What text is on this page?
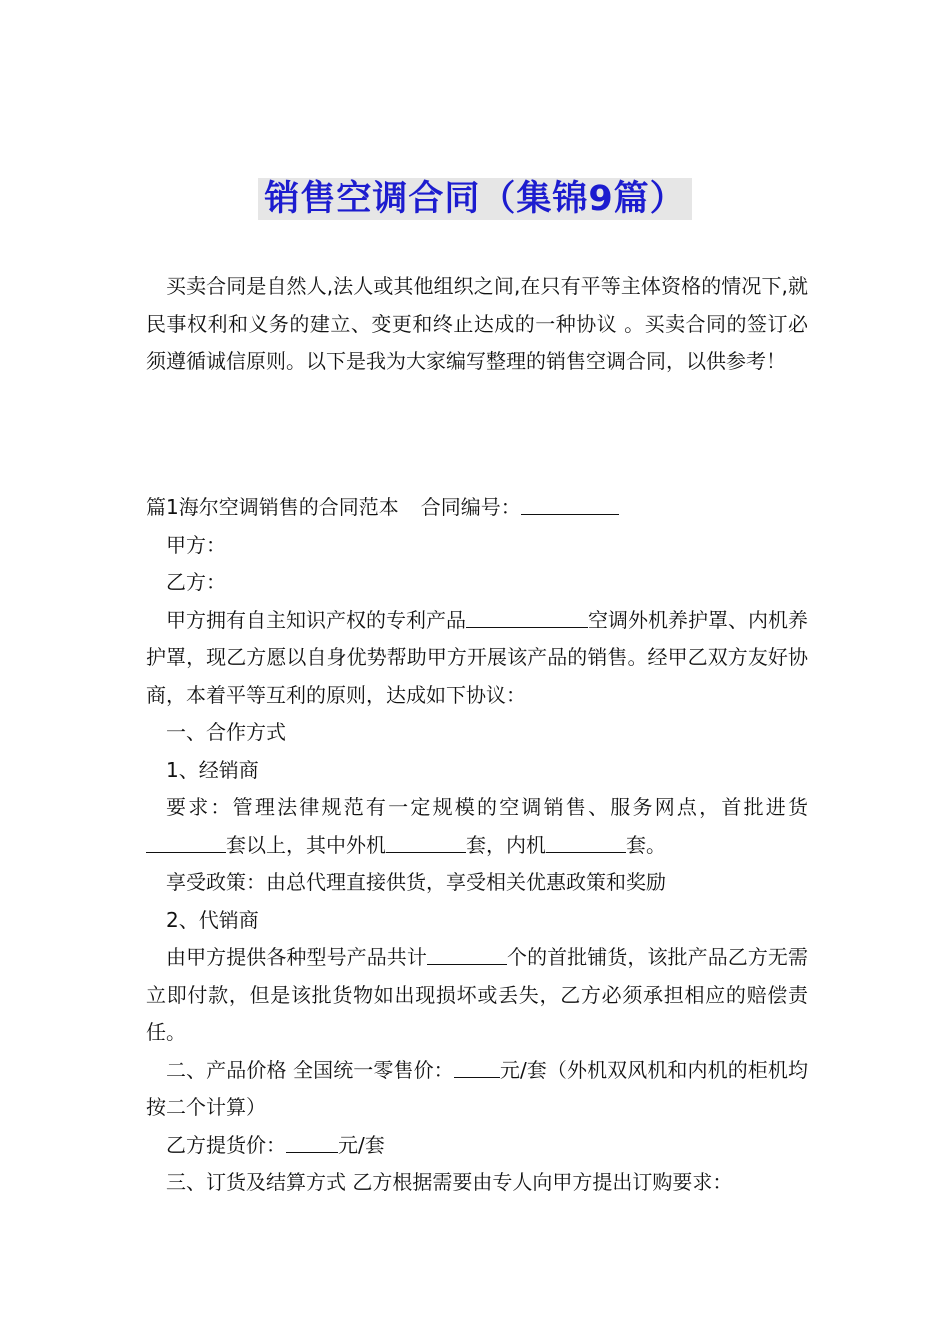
销售空调合同（集锦9篇）

买卖合同是自然人,法人或其他组织之间,在只有平等主体资格的情况下,就民事权利和义务的建立、变更和终止达成的一种协议 。买卖合同的签订必须遵循诚信原则。以下是我为大家编写整理的销售空调合同，以供参考！

篇1海尔空调销售的合同范本 合同编号：

甲方：

乙方：

甲方拥有自主知识产权的专利产品	空调外机养护罩、内机养护罩，现乙方愿以自身优势帮助甲方开展该产品的销售。经甲乙双方友好协商，本着平等互利的原则，达成如下协议：

一、合作方式

1、经销商

要求：管理法律规范有一定规模的空调销售、服务网点，首批进货套以上，其中外机	套，内机	套。

享受政策：由总代理直接供货，享受相关优惠政策和奖励

2、代销商

由甲方提供各种型号产品共计	个的首批铺货，该批产品乙方无需立即付款，但是该批货物如出现损坏或丢失，乙方必须承担相应的赔偿责任。

二、产品价格 全国统一零售价： 元/套（外机双风机和内机的柜机均按二个计算）

乙方提货价：	元/套

三、订货及结算方式 乙方根据需要由专人向甲方提出订购要求：
